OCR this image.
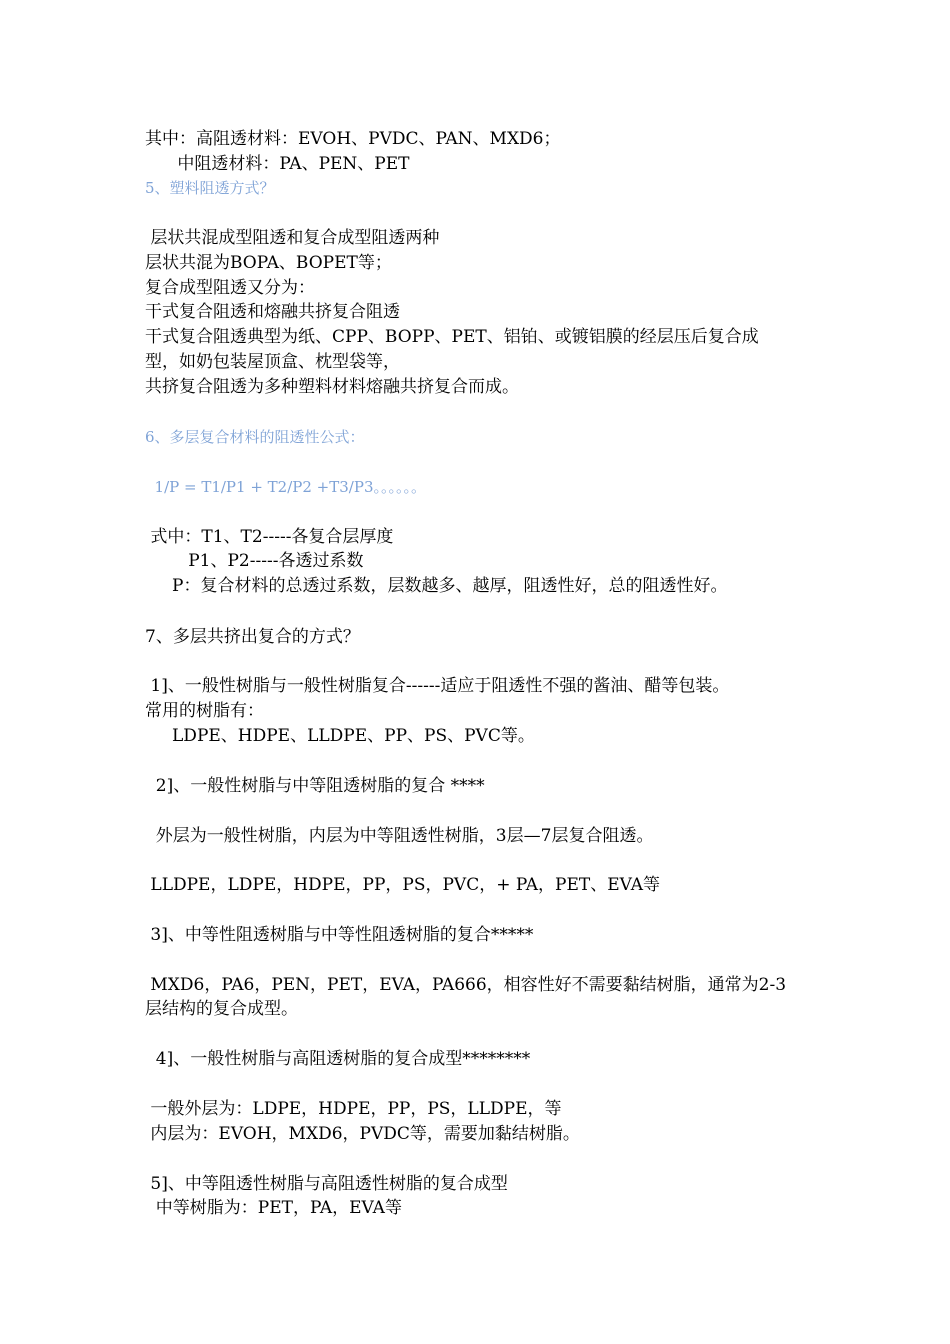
其中：高阻透材料：EVOH、PVDC、PAN、MXD6；

中阻透材料：PA、PEN、PET

5、塑料阻透方式？

层状共混成型阻透和复合成型阻透两种

层状共混为BOPA、BOPET等；

复合成型阻透又分为：

干式复合阻透和熔融共挤复合阻透

干式复合阻透典型为纸、CPP、BOPP、PET、铝铂、或镀铝膜的经层压后复合成

型，如奶包装屋顶盒、枕型袋等，

共挤复合阻透为多种塑料材料熔融共挤复合而成。

6、多层复合材料的阻透性公式：

1/P = T1/P1 + T2/P2 +T3/P3。。。。。。

式中：T1、T2-----各复合层厚度

P1、P2-----各透过系数

P：复合材料的总透过系数，层数越多、越厚，阻透性好，总的阻透性好。

7、多层共挤出复合的方式？

1]、一般性树脂与一般性树脂复合------适应于阻透性不强的酱油、醋等包装。

常用的树脂有：

LDPE、HDPE、LLDPE、PP、PS、PVC等。

2]、一般性树脂与中等阻透树脂的复合 ****

外层为一般性树脂，内层为中等阻透性树脂，3层—7层复合阻透。

LLDPE，LDPE，HDPE，PP，PS，PVC，+ PA，PET、EVA等

3]、中等性阻透树脂与中等性阻透树脂的复合*****

MXD6，PA6，PEN，PET，EVA，PA666，相容性好不需要黏结树脂，通常为2-3

层结构的复合成型。

4]、一般性树脂与高阻透树脂的复合成型********

一般外层为：LDPE，HDPE，PP，PS，LLDPE，等

内层为：EVOH，MXD6，PVDC等，需要加黏结树脂。

5]、中等阻透性树脂与高阻透性树脂的复合成型

中等树脂为：PET，PA，EVA等
